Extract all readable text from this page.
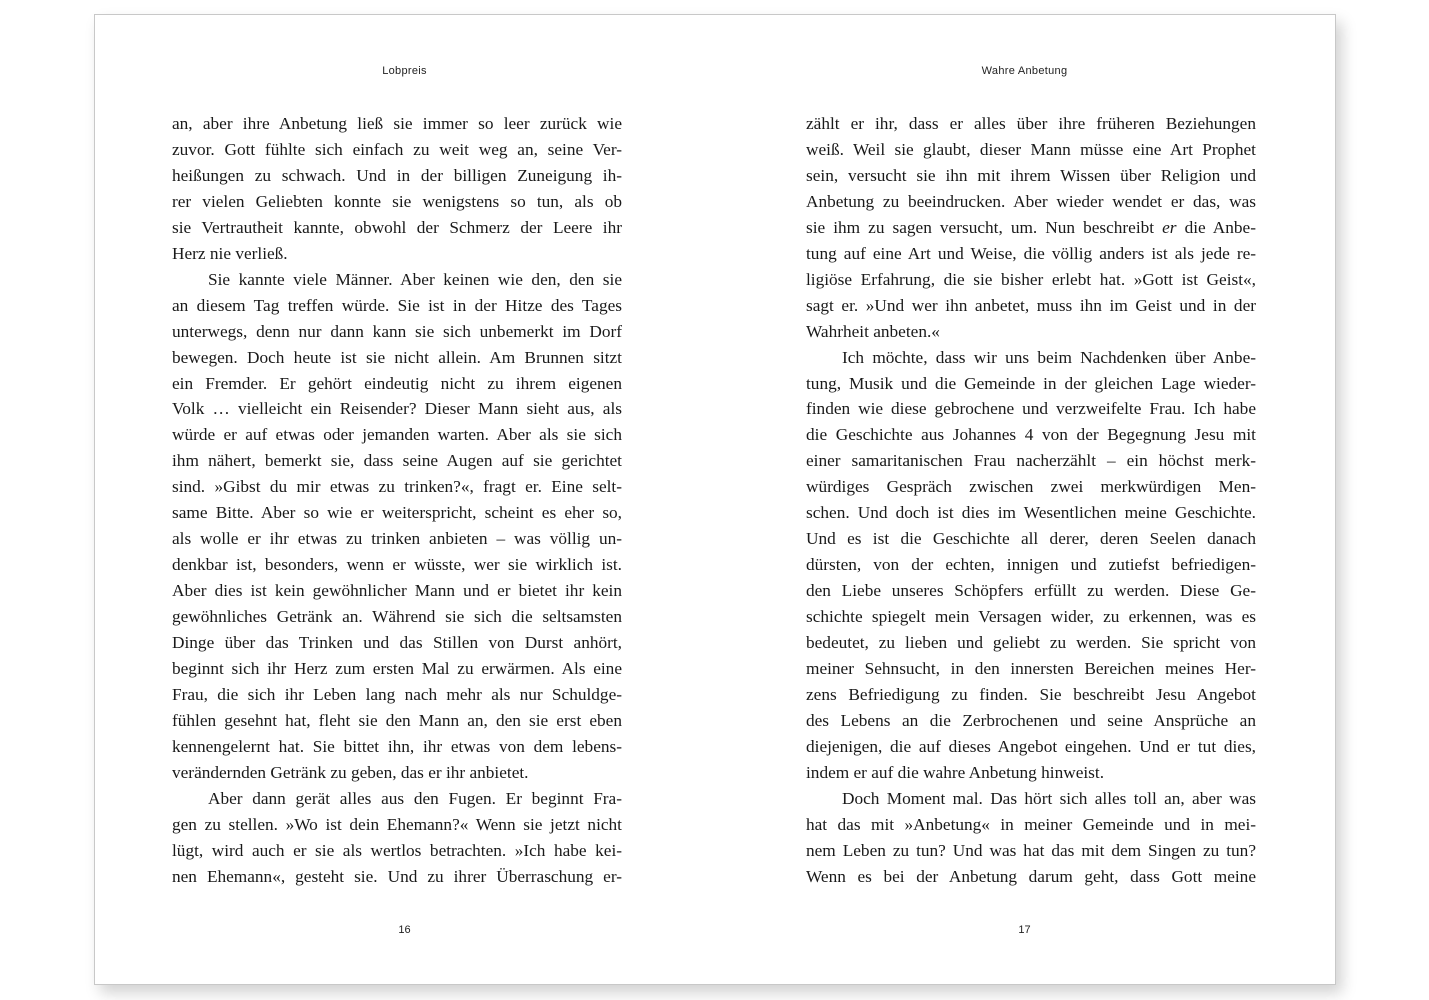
Lobpreis
an, aber ihre Anbetung ließ sie immer so leer zurück wie
zuvor. Gott fühlte sich einfach zu weit weg an, seine Ver-
heißungen zu schwach. Und in der billigen Zuneigung ih-
rer vielen Geliebten konnte sie wenigstens so tun, als ob
sie Vertrautheit kannte, obwohl der Schmerz der Leere ihr
Herz nie verließ.
Sie kannte viele Männer. Aber keinen wie den, den sie
an diesem Tag treffen würde. Sie ist in der Hitze des Tages
unterwegs, denn nur dann kann sie sich unbemerkt im Dorf
bewegen. Doch heute ist sie nicht allein. Am Brunnen sitzt
ein Fremder. Er gehört eindeutig nicht zu ihrem eigenen
Volk … vielleicht ein Reisender? Dieser Mann sieht aus, als
würde er auf etwas oder jemanden warten. Aber als sie sich
ihm nähert, bemerkt sie, dass seine Augen auf sie gerichtet
sind. »Gibst du mir etwas zu trinken?«, fragt er. Eine selt-
same Bitte. Aber so wie er weiterspricht, scheint es eher so,
als wolle er ihr etwas zu trinken anbieten – was völlig un-
denkbar ist, besonders, wenn er wüsste, wer sie wirklich ist.
Aber dies ist kein gewöhnlicher Mann und er bietet ihr kein
gewöhnliches Getränk an. Während sie sich die seltsamsten
Dinge über das Trinken und das Stillen von Durst anhört,
beginnt sich ihr Herz zum ersten Mal zu erwärmen. Als eine
Frau, die sich ihr Leben lang nach mehr als nur Schuldge-
fühlen gesehnt hat, fleht sie den Mann an, den sie erst eben
kennengelernt hat. Sie bittet ihn, ihr etwas von dem lebens-
verändernden Getränk zu geben, das er ihr anbietet.
Aber dann gerät alles aus den Fugen. Er beginnt Fra-
gen zu stellen. »Wo ist dein Ehemann?« Wenn sie jetzt nicht
lügt, wird auch er sie als wertlos betrachten. »Ich habe kei-
nen Ehemann«, gesteht sie. Und zu ihrer Überraschung er-
16
Wahre Anbetung
zählt er ihr, dass er alles über ihre früheren Beziehungen
weiß. Weil sie glaubt, dieser Mann müsse eine Art Prophet
sein, versucht sie ihn mit ihrem Wissen über Religion und
Anbetung zu beeindrucken. Aber wieder wendet er das, was
sie ihm zu sagen versucht, um. Nun beschreibt er die Anbe-
tung auf eine Art und Weise, die völlig anders ist als jede re-
ligiöse Erfahrung, die sie bisher erlebt hat. »Gott ist Geist«,
sagt er. »Und wer ihn anbetet, muss ihn im Geist und in der
Wahrheit anbeten.«
Ich möchte, dass wir uns beim Nachdenken über Anbe-
tung, Musik und die Gemeinde in der gleichen Lage wieder-
finden wie diese gebrochene und verzweifelte Frau. Ich habe
die Geschichte aus Johannes 4 von der Begegnung Jesu mit
einer samaritanischen Frau nacherzählt – ein höchst merk-
würdiges Gespräch zwischen zwei merkwürdigen Men-
schen. Und doch ist dies im Wesentlichen meine Geschichte.
Und es ist die Geschichte all derer, deren Seelen danach
dürsten, von der echten, innigen und zutiefst befriedigen-
den Liebe unseres Schöpfers erfüllt zu werden. Diese Ge-
schichte spiegelt mein Versagen wider, zu erkennen, was es
bedeutet, zu lieben und geliebt zu werden. Sie spricht von
meiner Sehnsucht, in den innersten Bereichen meines Her-
zens Befriedigung zu finden. Sie beschreibt Jesu Angebot
des Lebens an die Zerbrochenen und seine Ansprüche an
diejenigen, die auf dieses Angebot eingehen. Und er tut dies,
indem er auf die wahre Anbetung hinweist.
Doch Moment mal. Das hört sich alles toll an, aber was
hat das mit »Anbetung« in meiner Gemeinde und in mei-
nem Leben zu tun? Und was hat das mit dem Singen zu tun?
Wenn es bei der Anbetung darum geht, dass Gott meine
17
